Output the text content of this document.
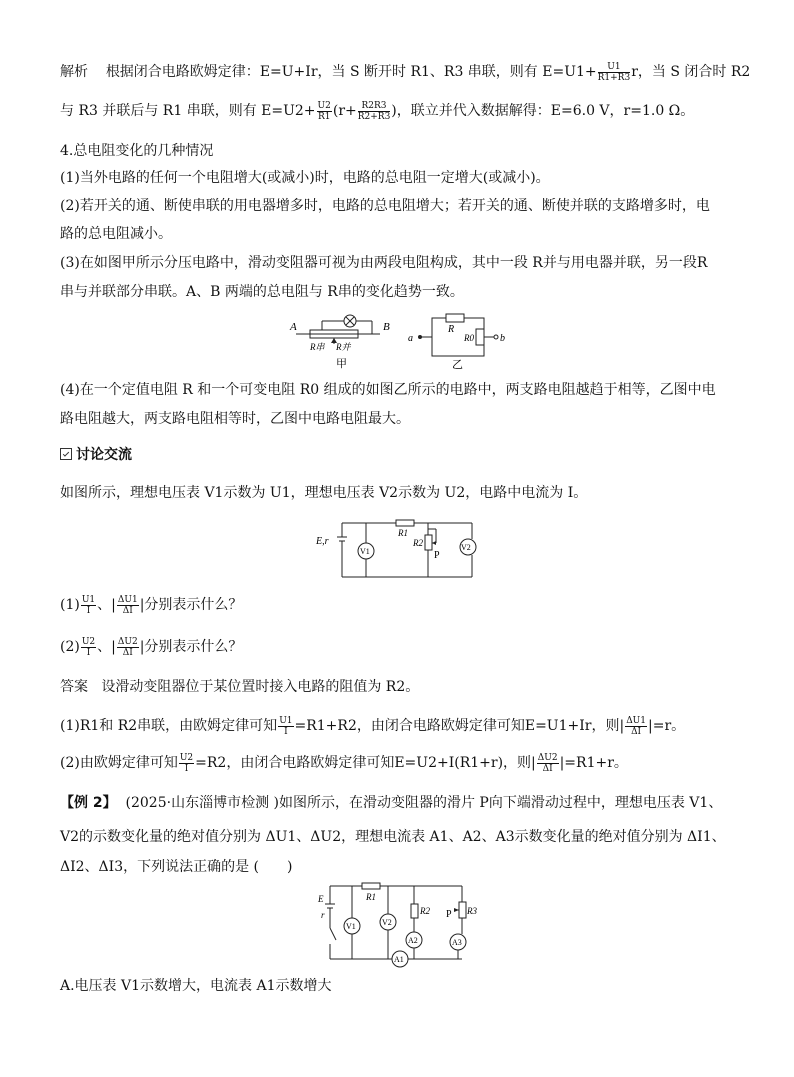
解析 根据闭合电路欧姆定律：E=U+Ir，当 S 断开时 R1、R3 串联，则有 $E=U1+ \frac{U1}{R1+R3}$ r，当 S 闭合时 R2
与 R3 并联后与 R1 串联，则有 $E=U2+ \frac{U2}{R1} (r+ \frac{R2R3}{R2+R3}$ )，联立并代入数据解得：E=6.0 V，r=1.0 Ω。
4.总电阻变化的几种情况
(1)当外电路的任何一个电阻增大(或减小)时，电路的总电阻一定增大(或减小)。
(2)若开关的通、断使串联的用电器增多时，电路的总电阻增大；若开关的通、断使并联的支路增多时，电
路的总电阻减小。
(3)在如图甲所示分压电路中，滑动变阻器可视为由两段电阻构成，其中一段 R并与用电器并联，另一段R
串与并联部分串联。A、B 两端的总电阻与 R串的变化趋势一致。
A	B
R串 R并
甲
a	b
R
R0
乙
(4)在一个定值电阻 R 和一个可变电阻 R0 组成的如图乙所示的电路中，两支路电阻越趋于相等，乙图中电
路电阻越大，两支路电阻相等时，乙图中电路电阻最大。
讨论交流
如图所示，理想电压表 V1示数为 U1，理想电压表 V2示数为 U2，电路中电流为 I。
E,r
V1	V2
R1
R2
P
$(1) \frac{U1}{I}$ 、| $\frac{\Delta U1}{\Delta I}$ |分别表示什么？
$(2) \frac{U2}{I}$ 、| $\frac{\Delta U2}{\Delta I}$ |分别表示什么？
答案 设滑动变阻器位于某位置时接入电路的阻值为 R2。
(1)R1和 R2串联，由欧姆定律可知 $\frac{U1}{I} =R1+R2$，由闭合电路欧姆定律可知E=U1+Ir，则| $\frac{\Delta U1}{\Delta I} |=r$。
(2)由欧姆定律可知 $\frac{U2}{I} =R2$，由闭合电路欧姆定律可知E=U2+I(R1+r)，则| $\frac{\Delta U2}{\Delta I} |=R1+r$。
【例 2】 (2025·山东淄博市检测 )如图所示，在滑动变阻器的滑片 P向下端滑动过程中，理想电压表 V1、
V2的示数变化量的绝对值分别为 ΔU1、ΔU2，理想电流表 A1、A2、A3示数变化量的绝对值分别为 ΔI1、
ΔI2、ΔI3，下列说法正确的是 (　　)
E
r
V1	V2
R1
R2	R3
P
A1
A2	A3
A.电压表 V1示数增大，电流表 A1示数增大
